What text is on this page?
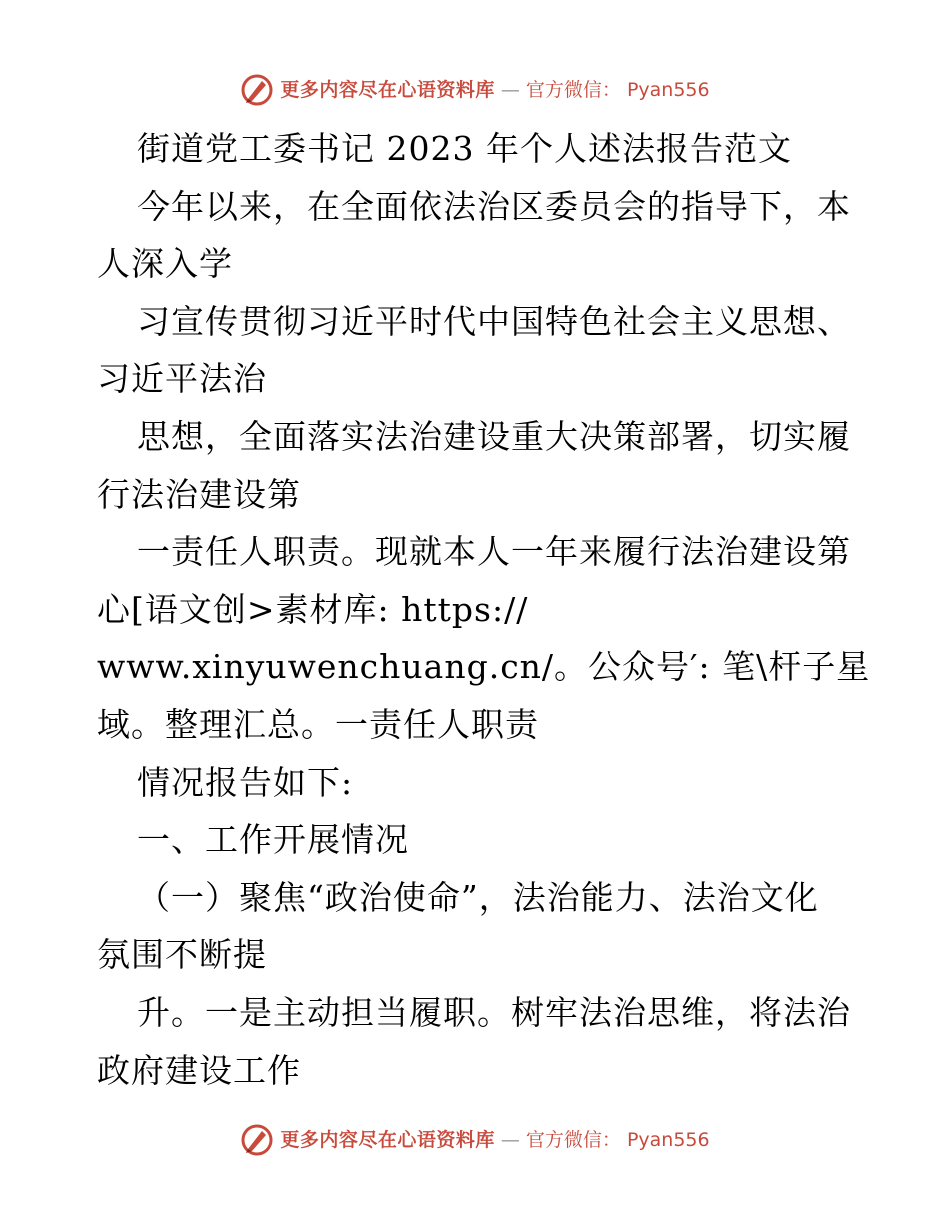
更多内容尽在心语资料库 — 官方微信： Pyan556
街道党工委书记 2023 年个人述法报告范文
今年以来，在全面依法治区委员会的指导下，本
人深入学
习宣传贯彻习近平时代中国特色社会主义思想、
习近平法治
思想，全面落实法治建设重大决策部署，切实履
行法治建设第
一责任人职责。现就本人一年来履行法治建设第
心[语文创>素材库: https://
www.xinyuwenchuang.cn/。公众号′: 笔\杆子星
域。整理汇总。一责任人职责
情况报告如下:
一、工作开展情况
（一）聚焦“政治使命”，法治能力、法治文化
氛围不断提
升。一是主动担当履职。树牢法治思维，将法治
政府建设工作
更多内容尽在心语资料库 — 官方微信： Pyan556
